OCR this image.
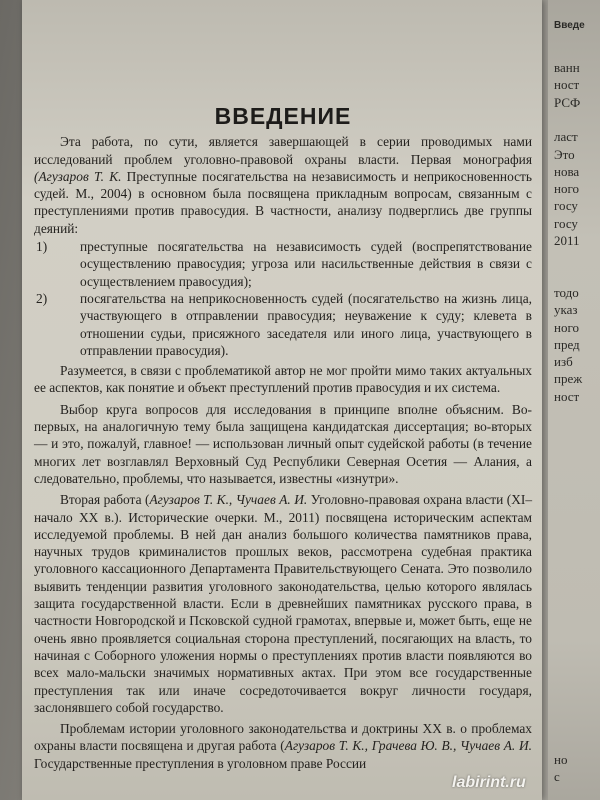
ВВЕДЕНИЕ

Эта работа, по сути, является завершающей в серии проводимых нами исследований проблем уголовно-правовой охраны власти. Первая монография (Агузаров Т. К. Преступные посягательства на независимость и неприкосновенность судей. М., 2004) в основном была посвящена прикладным вопросам, связанным с преступлениями против правосудия. В частности, анализу подверглись две группы деяний:

1) преступные посягательства на независимость судей (воспрепятствование осуществлению правосудия; угроза или насильственные действия в связи с осуществлением правосудия);
2) посягательства на неприкосновенность судей (посягательство на жизнь лица, участвующего в отправлении правосудия; неуважение к суду; клевета в отношении судьи, присяжного заседателя или иного лица, участвующего в отправлении правосудия).

Разумеется, в связи с проблематикой автор не мог пройти мимо таких актуальных ее аспектов, как понятие и объект преступлений против правосудия и их система.

Выбор круга вопросов для исследования в принципе вполне объясним. Во-первых, на аналогичную тему была защищена кандидатская диссертация; во-вторых — и это, пожалуй, главное! — использован личный опыт судейской работы (в течение многих лет возглавлял Верховный Суд Республики Северная Осетия — Алания, а следовательно, проблемы, что называется, известны «изнутри».

Вторая работа (Агузаров Т. К., Чучаев А. И. Уголовно-правовая охрана власти (XI–начало XX в.). Исторические очерки. М., 2011) посвящена историческим аспектам исследуемой проблемы. В ней дан анализ большого количества памятников права, научных трудов криминалистов прошлых веков, рассмотрена судебная практика уголовного кассационного Департамента Правительствующего Сената. Это позволило выявить тенденции развития уголовного законодательства, целью которого являлась защита государственной власти. Если в древнейших памятниках русского права, в частности Новгородской и Псковской судной грамотах, впервые и, может быть, еще не очень явно проявляется социальная сторона преступлений, посягающих на власть, то начиная с Соборного уложения нормы о преступлениях против власти появляются во всех мало-мальски значимых нормативных актах. При этом все государственные преступления так или иначе сосредоточивается вокруг личности государя, заслонявшего собой государство.

Проблемам истории уголовного законодательства и доктрины XX в. о проблемах охраны власти посвящена и другая работа (Агузаров Т. К., Грачева Ю. В., Чучаев А. И. Государственные преступления в уголовном праве России

Введе
ванн
ност
РСФ
ласт
Это
нова
ного
госу
госу
2011
тодо
указ
ного
пред
изб
преж
ност
но
с
labirint.ru
